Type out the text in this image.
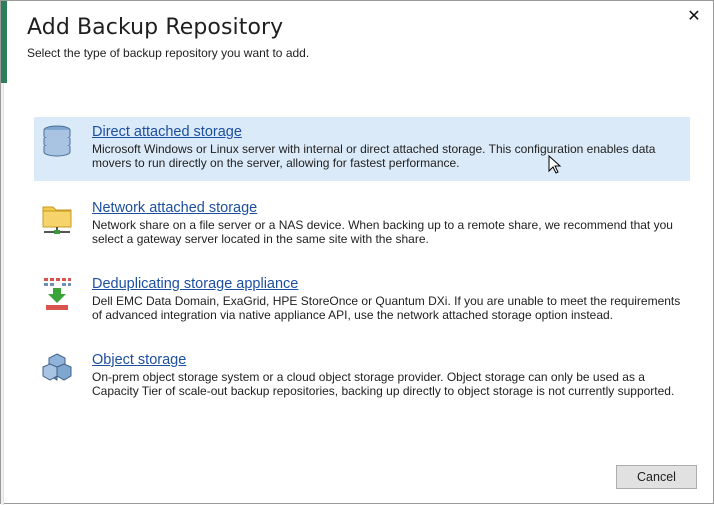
Add Backup Repository
Select the type of backup repository you want to add.
✕
Direct attached storage
Microsoft Windows or Linux server with internal or direct attached storage. This configuration enables data movers to run directly on the server, allowing for fastest performance.
Network attached storage
Network share on a file server or a NAS device. When backing up to a remote share, we recommend that you select a gateway server located in the same site with the share.
Deduplicating storage appliance
Dell EMC Data Domain, ExaGrid, HPE StoreOnce or Quantum DXi. If you are unable to meet the requirements of advanced integration via native appliance API, use the network attached storage option instead.
Object storage
On-prem object storage system or a cloud object storage provider. Object storage can only be used as a Capacity Tier of scale-out backup repositories, backing up directly to object storage is not currently supported.
Cancel
